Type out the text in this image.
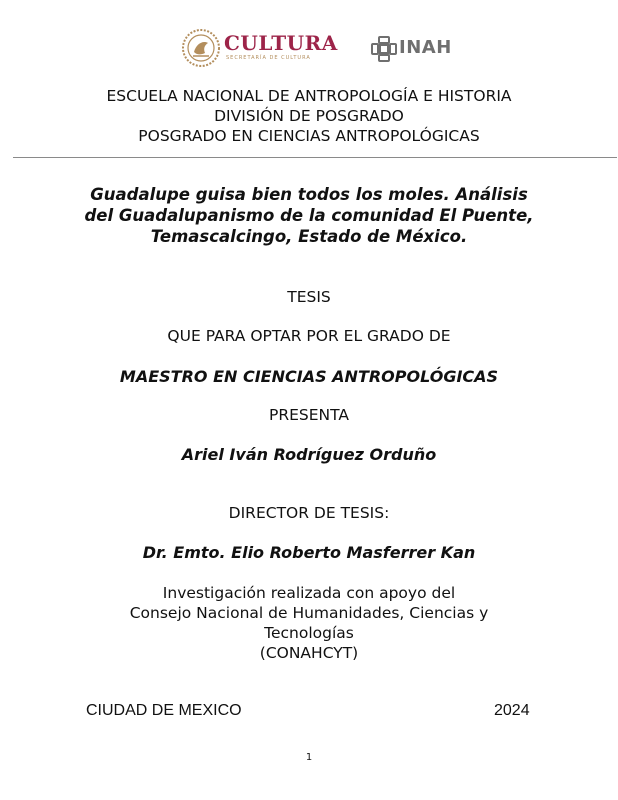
CULTURA
SECRETARÍA DE CULTURA	INAH
ESCUELA NACIONAL DE ANTROPOLOGÍA E HISTORIA
DIVISIÓN DE POSGRADO
POSGRADO EN CIENCIAS ANTROPOLÓGICAS
Guadalupe guisa bien todos los moles. Análisis
del Guadalupanismo de la comunidad El Puente,
Temascalcingo, Estado de México.
TESIS
QUE PARA OPTAR POR EL GRADO DE
MAESTRO EN CIENCIAS ANTROPOLÓGICAS
PRESENTA
Ariel Iván Rodríguez Orduño
DIRECTOR DE TESIS:
Dr. Emto. Elio Roberto Masferrer Kan
Investigación realizada con apoyo del
Consejo Nacional de Humanidades, Ciencias y
Tecnologías
(CONAHCYT)
CIUDAD DE MEXICO	2024
1
